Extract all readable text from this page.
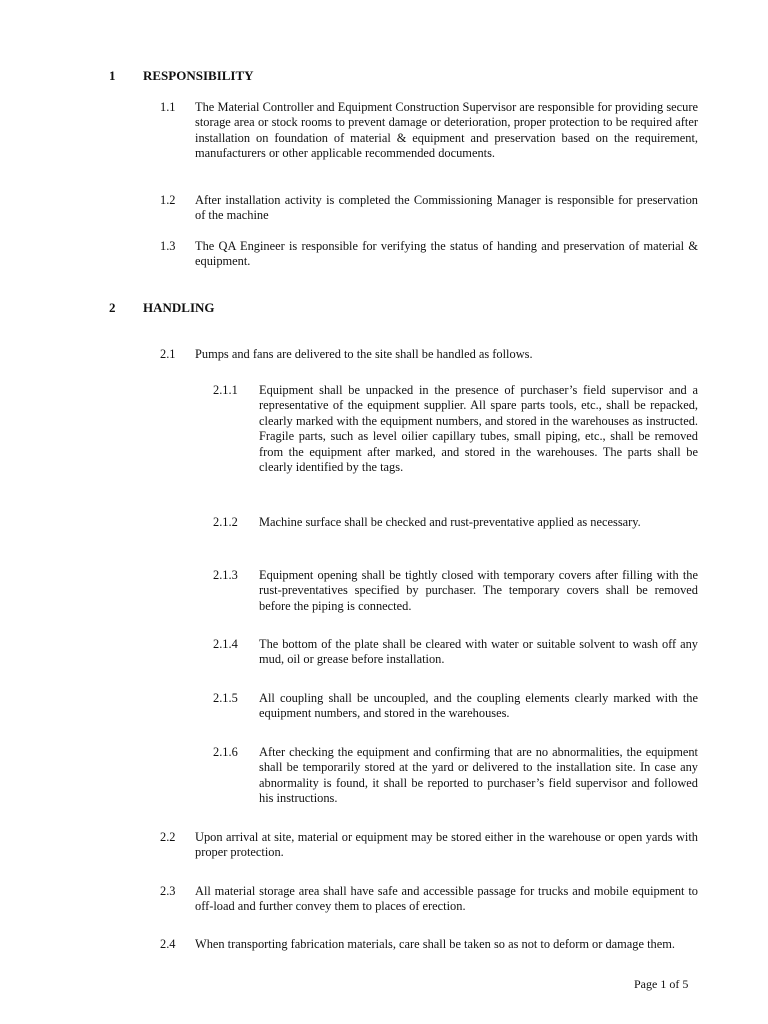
1 RESPONSIBILITY
1.1 The Material Controller and Equipment Construction Supervisor are responsible for providing secure storage area or stock rooms to prevent damage or deterioration, proper protection to be required after installation on foundation of material & equipment and preservation based on the requirement, manufacturers or other applicable recommended documents.
1.2 After installation activity is completed the Commissioning Manager is responsible for preservation of the machine
1.3 The QA Engineer is responsible for verifying the status of handing and preservation of material & equipment.
2 HANDLING
2.1 Pumps and fans are delivered to the site shall be handled as follows.
2.1.1 Equipment shall be unpacked in the presence of purchaser’s field supervisor and a representative of the equipment supplier. All spare parts tools, etc., shall be repacked, clearly marked with the equipment numbers, and stored in the warehouses as instructed. Fragile parts, such as level oilier capillary tubes, small piping, etc., shall be removed from the equipment after marked, and stored in the warehouses. The parts shall be clearly identified by the tags.
2.1.2 Machine surface shall be checked and rust-preventative applied as necessary.
2.1.3 Equipment opening shall be tightly closed with temporary covers after filling with the rust-preventatives specified by purchaser. The temporary covers shall be removed before the piping is connected.
2.1.4 The bottom of the plate shall be cleared with water or suitable solvent to wash off any mud, oil or grease before installation.
2.1.5 All coupling shall be uncoupled, and the coupling elements clearly marked with the equipment numbers, and stored in the warehouses.
2.1.6 After checking the equipment and confirming that are no abnormalities, the equipment shall be temporarily stored at the yard or delivered to the installation site. In case any abnormality is found, it shall be reported to purchaser’s field supervisor and followed his instructions.
2.2 Upon arrival at site, material or equipment may be stored either in the warehouse or open yards with proper protection.
2.3 All material storage area shall have safe and accessible passage for trucks and mobile equipment to off-load and further convey them to places of erection.
2.4 When transporting fabrication materials, care shall be taken so as not to deform or damage them.
Page 1 of 5
